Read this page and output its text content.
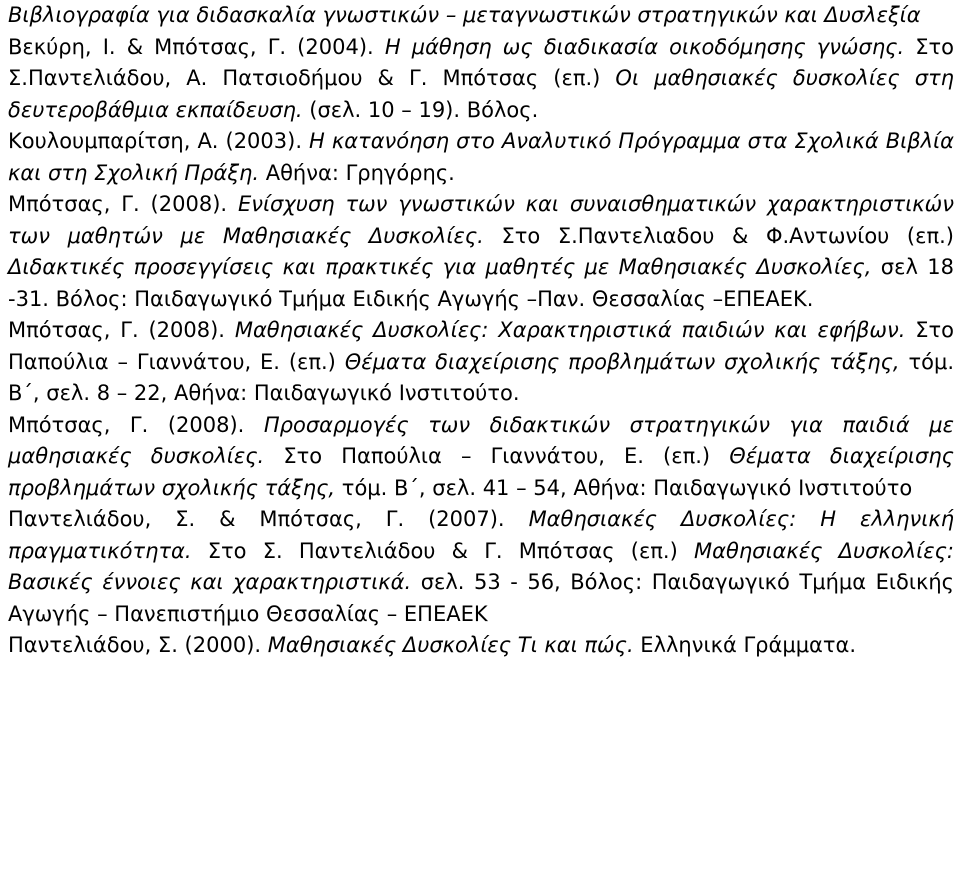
Βιβλιογραφία για διδασκαλία γνωστικών – μεταγνωστικών στρατηγικών και Δυσλεξία

Βεκύρη, Ι. & Μπότσας, Γ. (2004). Η μάθηση ως διαδικασία οικοδόμησης γνώσης. Στο Σ.Παντελιάδου, Α. Πατσιοδήμου & Γ. Μπότσας (επ.) Οι μαθησιακές δυσκολίες στη δευτεροβάθμια εκπαίδευση. (σελ. 10 – 19). Βόλος.

Κουλουμπαρίτση, Α. (2003). Η κατανόηση στο Αναλυτικό Πρόγραμμα στα Σχολικά Βιβλία και στη Σχολική Πράξη. Αθήνα: Γρηγόρης.

Μπότσας, Γ. (2008). Ενίσχυση των γνωστικών και συναισθηματικών χαρακτηριστικών των μαθητών με Μαθησιακές Δυσκολίες. Στο Σ.Παντελιαδου & Φ.Αντωνίου (επ.) Διδακτικές προσεγγίσεις και πρακτικές για μαθητές με Μαθησιακές Δυσκολίες, σελ 18 -31. Βόλος: Παιδαγωγικό Τμήμα Ειδικής Αγωγής –Παν. Θεσσαλίας –ΕΠΕΑΕΚ.

Μπότσας, Γ. (2008). Μαθησιακές Δυσκολίες: Χαρακτηριστικά παιδιών και εφήβων. Στο Παπούλια – Γιαννάτου, Ε. (επ.) Θέματα διαχείρισης προβλημάτων σχολικής τάξης, τόμ. Β΄, σελ. 8 – 22, Αθήνα: Παιδαγωγικό Ινστιτούτο.

Μπότσας, Γ. (2008). Προσαρμογές των διδακτικών στρατηγικών για παιδιά με μαθησιακές δυσκολίες. Στο Παπούλια – Γιαννάτου, Ε. (επ.) Θέματα διαχείρισης προβλημάτων σχολικής τάξης, τόμ. Β΄, σελ. 41 – 54, Αθήνα: Παιδαγωγικό Ινστιτούτο

Παντελιάδου, Σ. & Μπότσας, Γ. (2007). Μαθησιακές Δυσκολίες: Η ελληνική πραγματικότητα. Στο Σ. Παντελιάδου & Γ. Μπότσας (επ.) Μαθησιακές Δυσκολίες: Βασικές έννοιες και χαρακτηριστικά. σελ. 53 - 56, Βόλος: Παιδαγωγικό Τμήμα Ειδικής Αγωγής – Πανεπιστήμιο Θεσσαλίας – ΕΠΕΑΕΚ

Παντελιάδου, Σ. (2000). Μαθησιακές Δυσκολίες Τι και πώς. Ελληνικά Γράμματα.
